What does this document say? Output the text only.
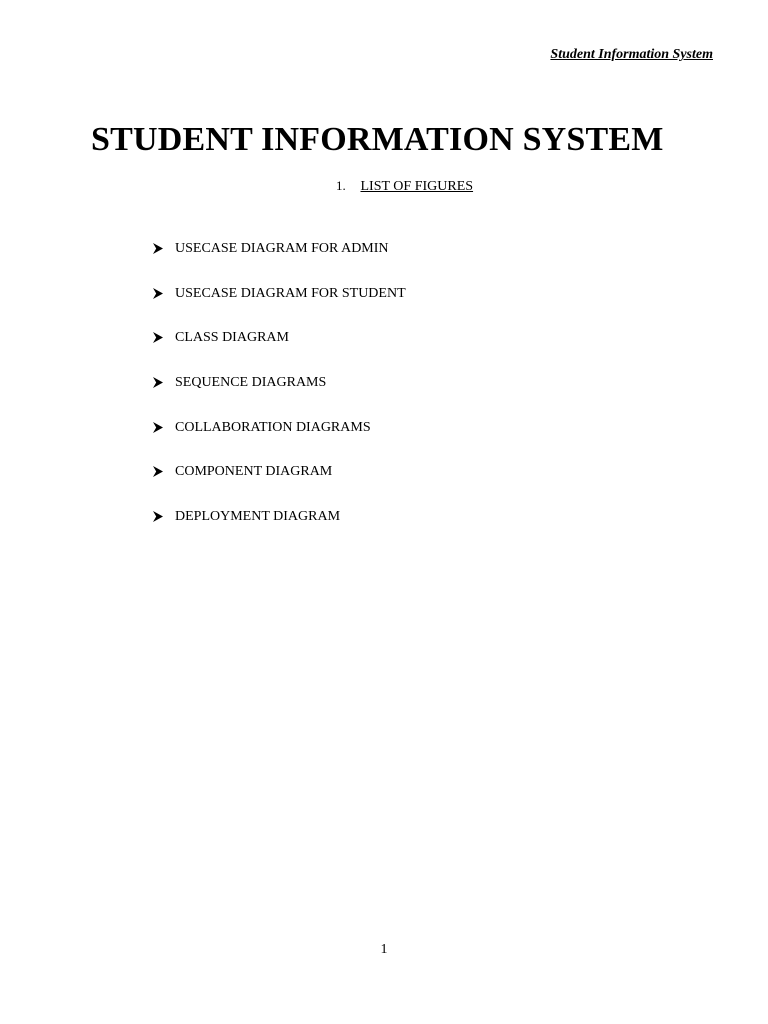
Student Information System
STUDENT INFORMATION SYSTEM
1. LIST OF FIGURES
USECASE DIAGRAM FOR ADMIN
USECASE DIAGRAM FOR STUDENT
CLASS DIAGRAM
SEQUENCE DIAGRAMS
COLLABORATION DIAGRAMS
COMPONENT DIAGRAM
DEPLOYMENT DIAGRAM
1
